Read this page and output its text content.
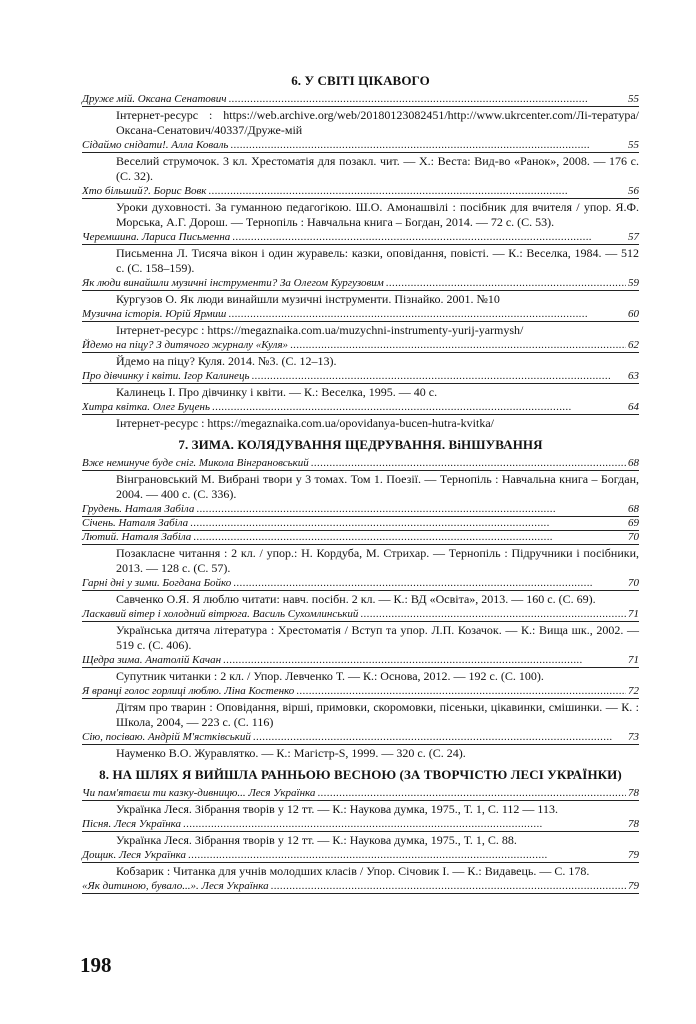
6. У СВІТІ ЦІКАВОГО
Друже мій. Оксана Сенатович . . .	55
Інтернет-ресурс : https://web.archive.org/web/20180123082451/http://www.ukrcenter.com/Лі-тература/Оксана-Сенатович/40337/Друже-мій
Сідаймо снідати!. Алла Коваль . . .	55
Веселий струмочок. 3 кл. Хрестоматія для позакл. чит. — Х.: Веста: Вид-во «Ранок», 2008. — 176 с. (С. 32).
Хто більший?. Борис Вовк . . .	56
Уроки духовності. За гуманною педагогікою. Ш.О. Амонашвілі : посібник для вчителя / упор. Я.Ф. Морська, А.Г. Дорош. — Тернопіль : Навчальна книга – Богдан, 2014. — 72 с. (С. 53).
Черемшина. Лариса Письменна . . .	57
Письменна Л. Тисяча вікон і один журавель: казки, оповідання, повісті. — К.: Веселка, 1984. — 512 с. (С. 158–159).
Як люди винайшли музичні інструменти? За Олегом Кургузовим . . .	59
Кургузов О. Як люди винайшли музичні інструменти. Пізнайко. 2001. №10
Музична історія. Юрій Ярмиш . . .	60
Інтернет-ресурс : https://megaznaika.com.ua/muzychni-instrumenty-yurij-yarmysh/
Йдемо на піцу? З дитячого журналу «Куля» . . .	62
Йдемо на піцу? Куля. 2014. №3. (С. 12–13).
Про дівчинку і квіти. Ігор Калинець . . .	63
Калинець І. Про дівчинку і квіти. — К.: Веселка, 1995. — 40 с.
Хитра квітка. Олег Буцень . . .	64
Інтернет-ресурс : https://megaznaika.com.ua/opovidanya-bucen-hutra-kvitka/
7. ЗИМА. КОЛЯДУВАННЯ ЩЕДРУВАННЯ. ВіНШУВАННЯ
Вже неминуче буде сніг. Микола Вінграновський . . .	68
Вінграновський М. Вибрані твори у 3 томах. Том 1. Поезії. — Тернопіль : Навчальна книга – Богдан, 2004. — 400 с. (С. 336).
Грудень. Наталя Забіла . . .	68
Січень. Наталя Забіла . . .	69
Лютий. Наталя Забіла . . .	70
Позакласне читання : 2 кл. / упор.: Н. Кордуба, М. Стрихар. — Тернопіль : Підручники і посібники, 2013. — 128 с. (С. 57).
Гарні дні у зими. Богдана Бойко . . .	70
Савченко О.Я. Я люблю читати: навч. посібн. 2 кл. — К.: ВД «Освіта», 2013. — 160 с. (С. 69).
Ласкавий вітер і холодний вітрюга. Василь Сухомлинський . . .	71
Українська дитяча література : Хрестоматія / Вступ та упор. Л.П. Козачок. — К.: Вища шк., 2002. — 519 с. (С. 406).
Щедра зима. Анатолій Качан . . .	71
Супутник читанки : 2 кл. / Упор. Левченко Т. — К.: Основа, 2012. — 192 с. (С. 100).
Я вранці голос горлиці люблю. Ліна Костенко . . .	72
Дітям про тварин : Оповідання, вірші, примовки, скоромовки, пісеньки, цікавинки, смішинки. — К. : Школа, 2004, — 223 с. (С. 116)
Сію, посіваю. Андрій М'ястківський . . .	73
Науменко В.О. Журавлятко. — К.: Магістр-S, 1999. — 320 с. (С. 24).
8. НА ШЛЯХ Я ВИЙШЛА РАННЬОЮ ВЕСНОЮ (ЗА ТВОРЧІСТЮ ЛЕСІ УКРАЇНКИ)
Чи пам'ятаєш ти казку-дивницю... Леся Українка . . .	78
Українка Леся. Зібрання творів у 12 тт. — К.: Наукова думка, 1975., Т. 1, С. 112 — 113.
Пісня. Леся Українка . . .	78
Українка Леся. Зібрання творів у 12 тт. — К.: Наукова думка, 1975., Т. 1, С. 88.
Дощик. Леся Українка . . .	79
Кобзарик : Читанка для учнів молодших класів / Упор. Січовик І. — К.: Видавець. — С. 178.
«Як дитиною, бувало...». Леся Українка . . .	79
198
